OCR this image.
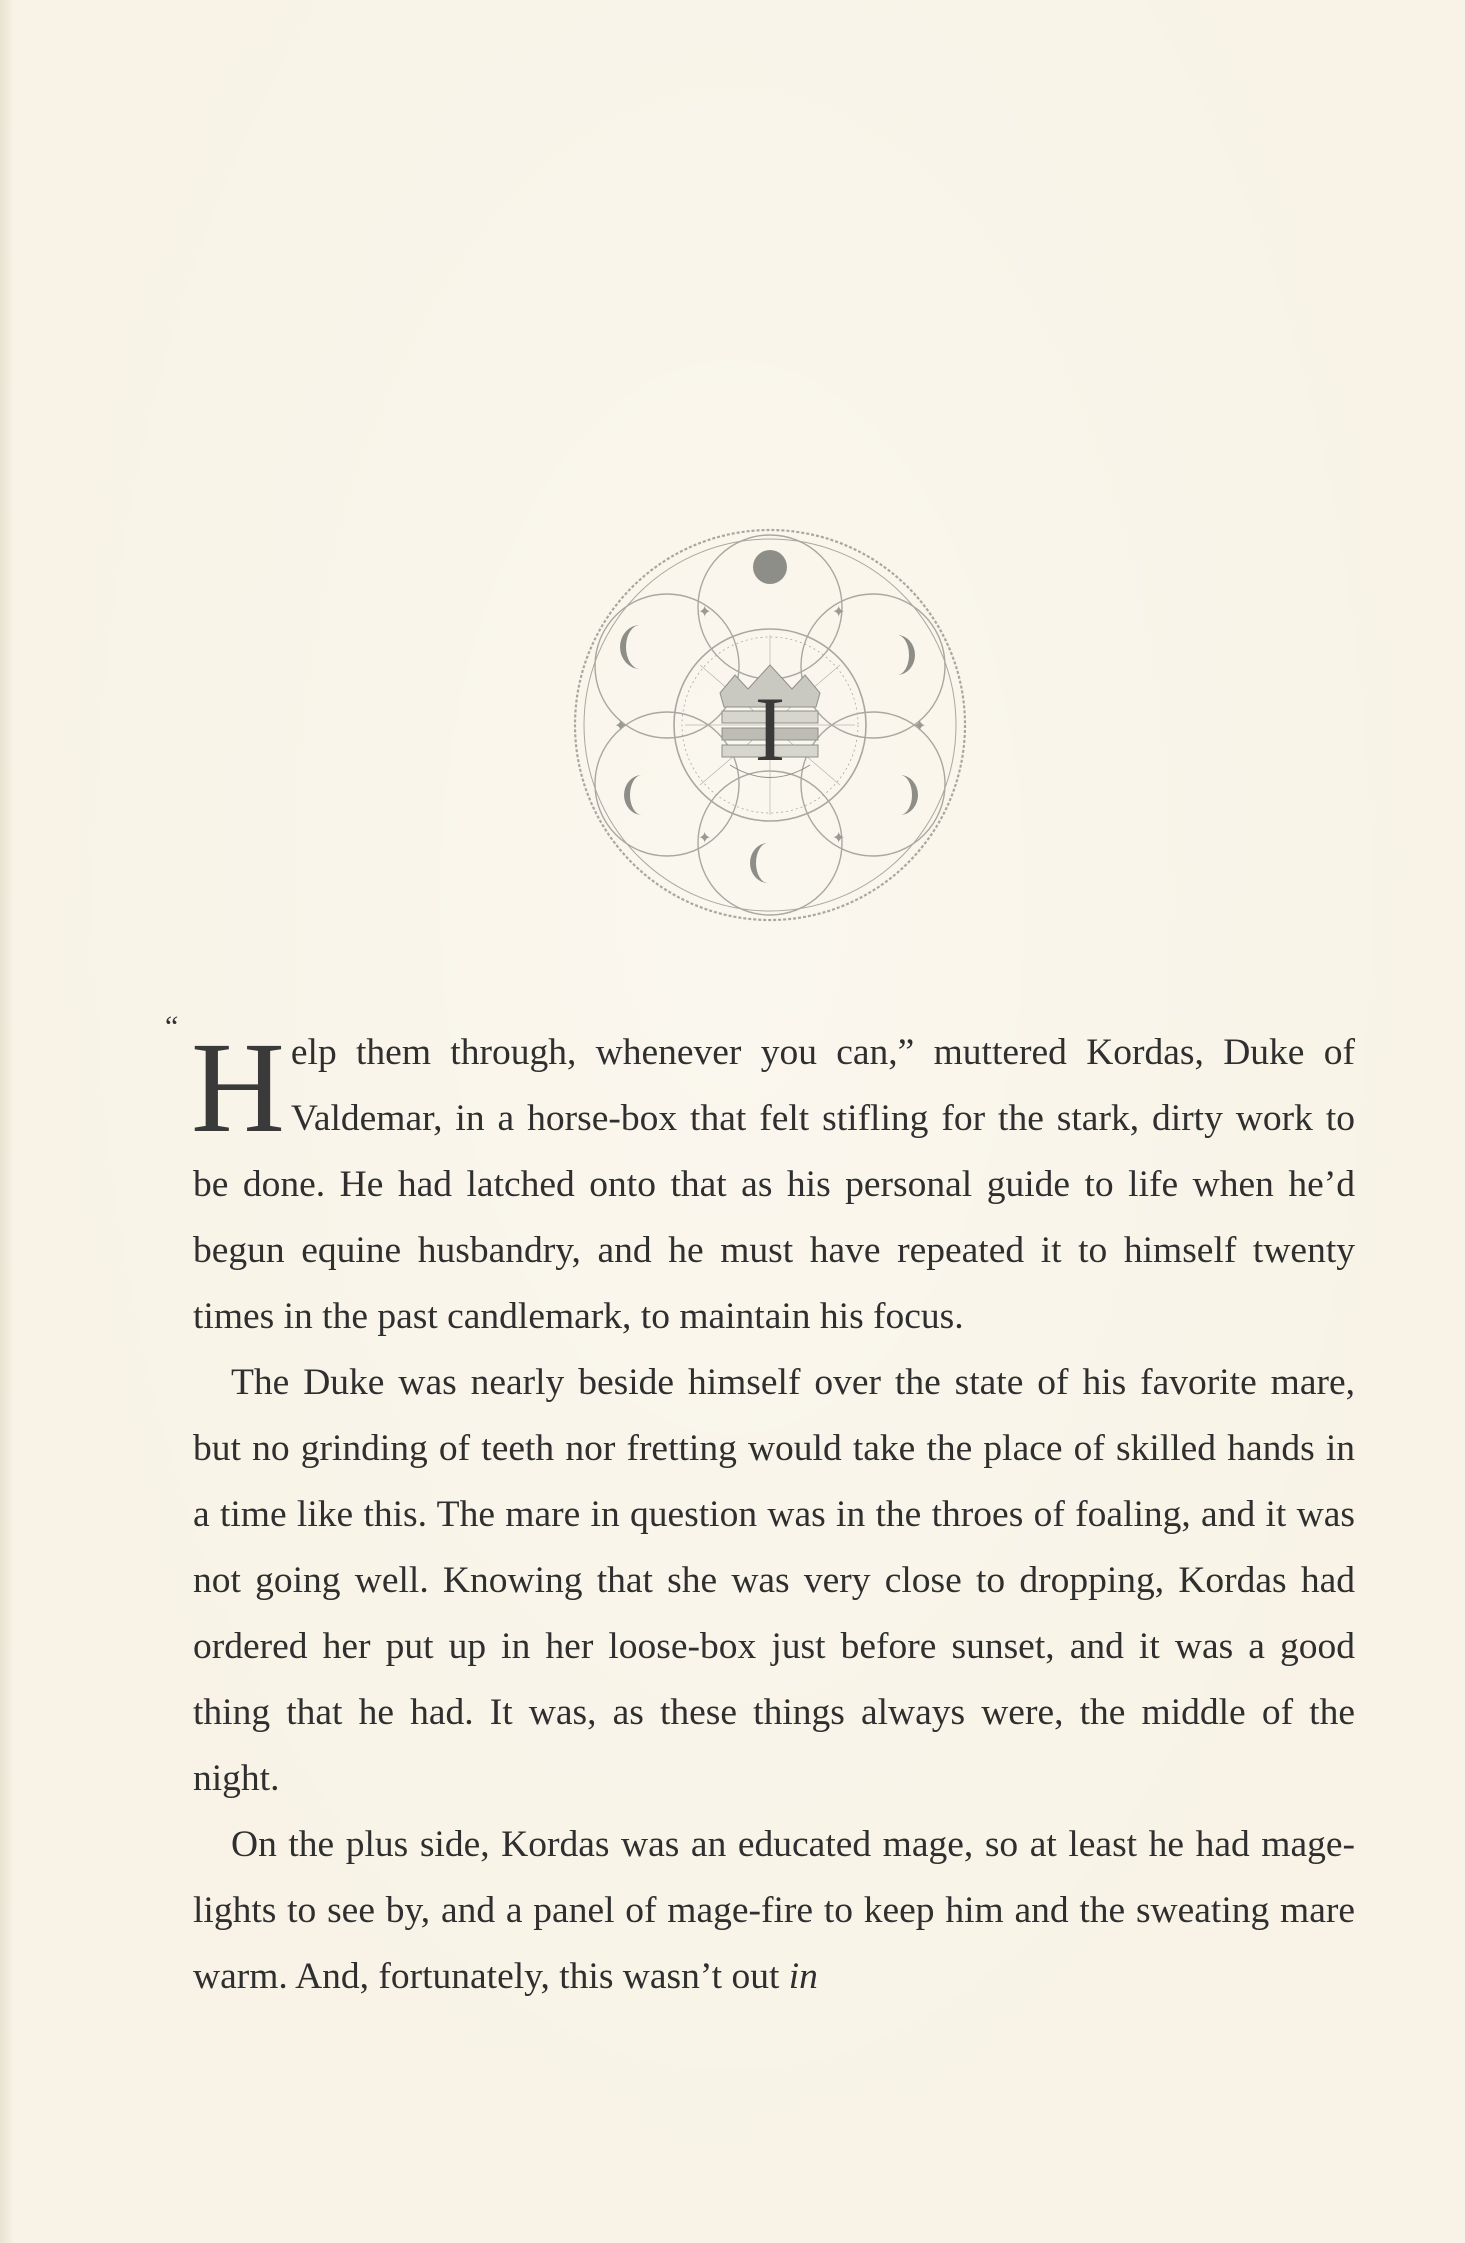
✦	✦
✦	✦
✦	✦
I

“ H elp them through, whenever you can,” muttered Kordas, Duke of Valdemar, in a horse-box that felt stifling for the stark, dirty work to be done. He had latched onto that as his personal guide to life when he’d begun equine husbandry, and he must have repeated it to himself twenty times in the past candlemark, to maintain his focus.

The Duke was nearly beside himself over the state of his favorite mare, but no grinding of teeth nor fretting would take the place of skilled hands in a time like this. The mare in question was in the throes of foaling, and it was not going well. Knowing that she was very close to dropping, Kordas had ordered her put up in her loose-box just before sunset, and it was a good thing that he had. It was, as these things always were, the middle of the night.

On the plus side, Kordas was an educated mage, so at least he had mage-lights to see by, and a panel of mage-fire to keep him and the sweating mare warm. And, fortunately, this wasn’t out in
